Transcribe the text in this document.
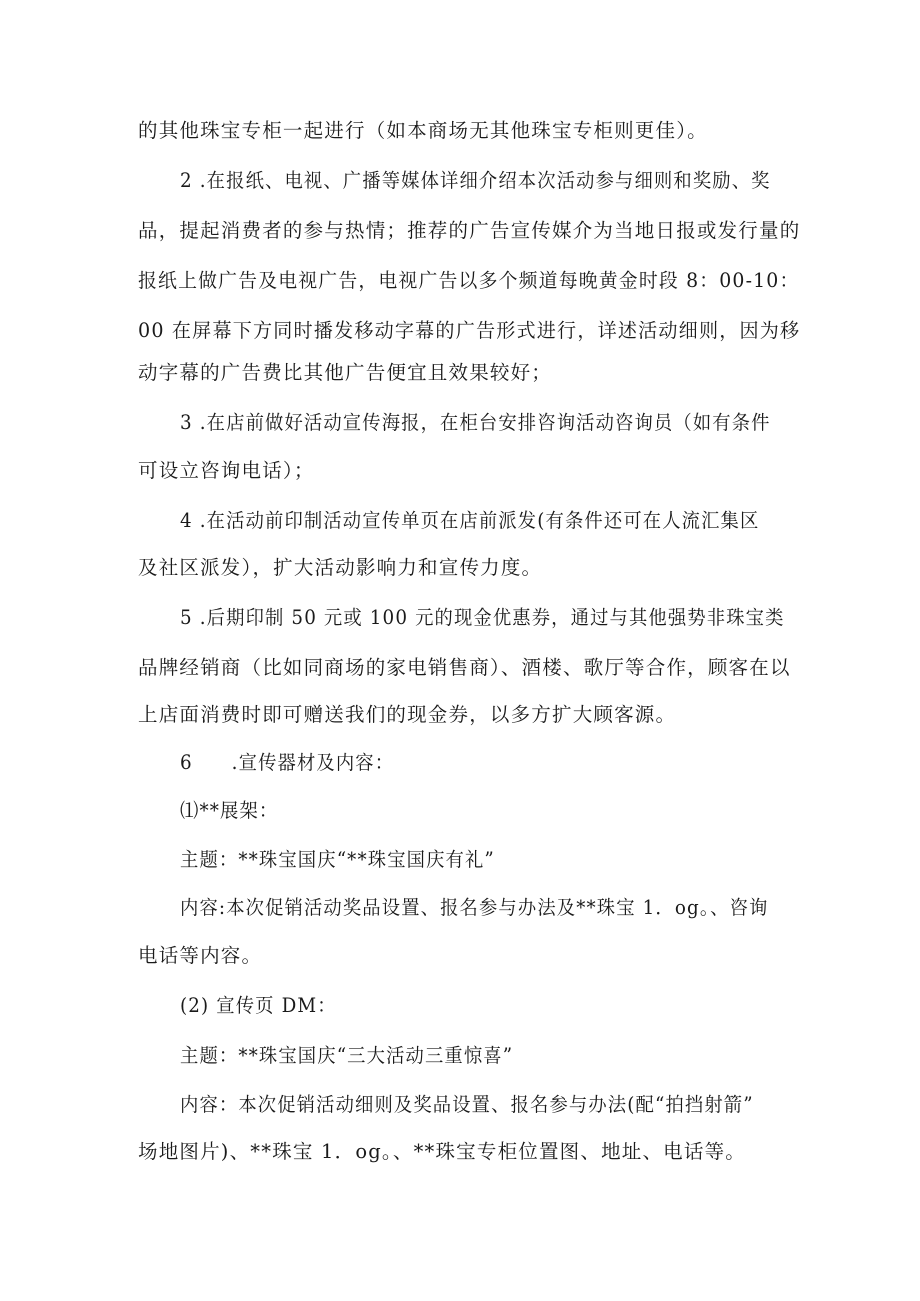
的其他珠宝专柜一起进行（如本商场无其他珠宝专柜则更佳）。
2 .在报纸、电视、广播等媒体详细介绍本次活动参与细则和奖励、奖
品，提起消费者的参与热情；推荐的广告宣传媒介为当地日报或发行量的
报纸上做广告及电视广告，电视广告以多个频道每晚黄金时段 8：00-10：
00 在屏幕下方同时播发移动字幕的广告形式进行，详述活动细则，因为移
动字幕的广告费比其他广告便宜且效果较好；
3 .在店前做好活动宣传海报，在柜台安排咨询活动咨询员（如有条件
可设立咨询电话）；
4 .在活动前印制活动宣传单页在店前派发(有条件还可在人流汇集区
及社区派发），扩大活动影响力和宣传力度。
5 .后期印制 50 元或 100 元的现金优惠券，通过与其他强势非珠宝类
品牌经销商（比如同商场的家电销售商）、酒楼、歌厅等合作，顾客在以
上店面消费时即可赠送我们的现金券，以多方扩大顾客源。
6　　.宣传器材及内容：
⑴**展架：
主题：**珠宝国庆“**珠宝国庆有礼”
内容:本次促销活动奖品设置、报名参与办法及**珠宝 1．og。、咨询
电话等内容。
(2) 宣传页 DM：
主题：**珠宝国庆“三大活动三重惊喜”
内容：本次促销活动细则及奖品设置、报名参与办法(配“拍挡射箭”
场地图片)、**珠宝 1．og。、**珠宝专柜位置图、地址、电话等。
